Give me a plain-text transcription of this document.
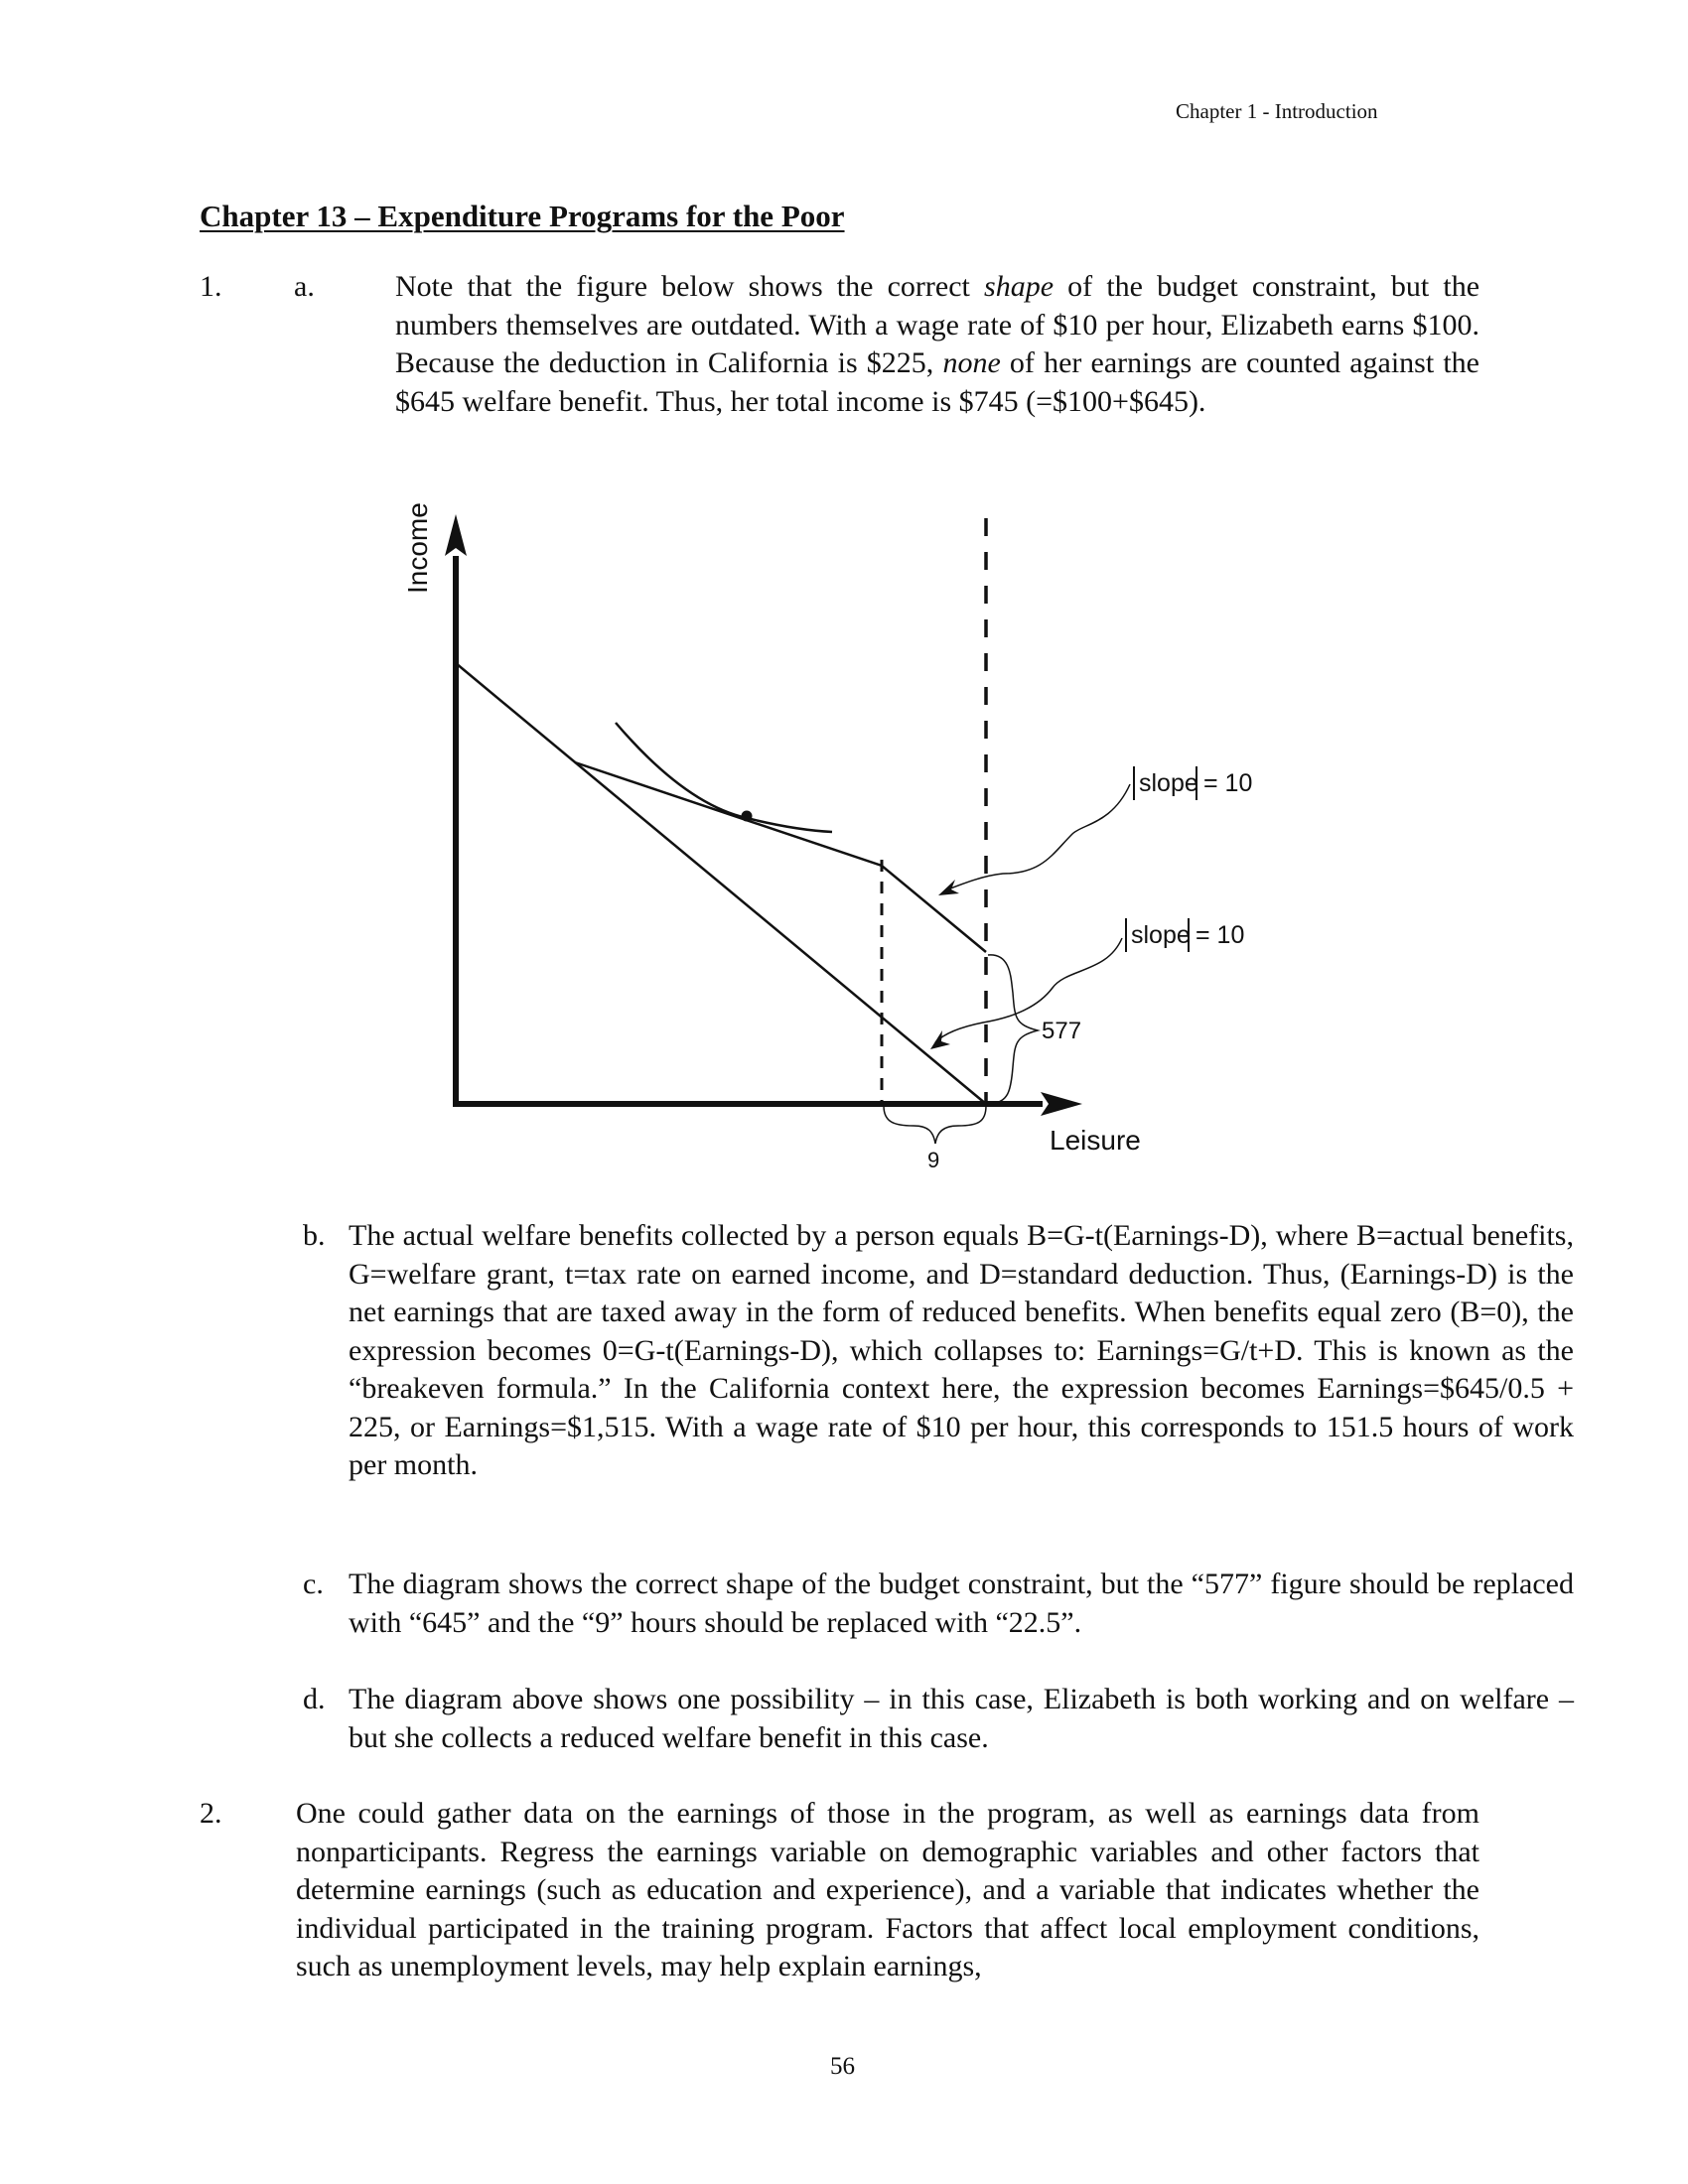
Chapter 1 - Introduction
Chapter 13 – Expenditure Programs for the Poor
1. a.	Note that the figure below shows the correct shape of the budget constraint, but the numbers themselves are outdated. With a wage rate of $10 per hour, Elizabeth earns $100. Because the deduction in California is $225, none of her earnings are counted against the $645 welfare benefit. Thus, her total income is $745 (=$100+$645).
Income
Leisure
slope = 10
slope = 10
577
9
b. The actual welfare benefits collected by a person equals B=G-t(Earnings-D), where B=actual benefits, G=welfare grant, t=tax rate on earned income, and D=standard deduction. Thus, (Earnings-D) is the net earnings that are taxed away in the form of reduced benefits. When benefits equal zero (B=0), the expression becomes 0=G-t(Earnings-D), which collapses to: Earnings=G/t+D. This is known as the “breakeven formula.” In the California context here, the expression becomes Earnings=$645/0.5 + 225, or Earnings=$1,515. With a wage rate of $10 per hour, this corresponds to 151.5 hours of work per month.
c. The diagram shows the correct shape of the budget constraint, but the “577” figure should be replaced with “645” and the “9” hours should be replaced with “22.5”.
d. The diagram above shows one possibility – in this case, Elizabeth is both working and on welfare – but she collects a reduced welfare benefit in this case.
2. One could gather data on the earnings of those in the program, as well as earnings data from nonparticipants. Regress the earnings variable on demographic variables and other factors that determine earnings (such as education and experience), and a variable that indicates whether the individual participated in the training program. Factors that affect local employment conditions, such as unemployment levels, may help explain earnings,
56
